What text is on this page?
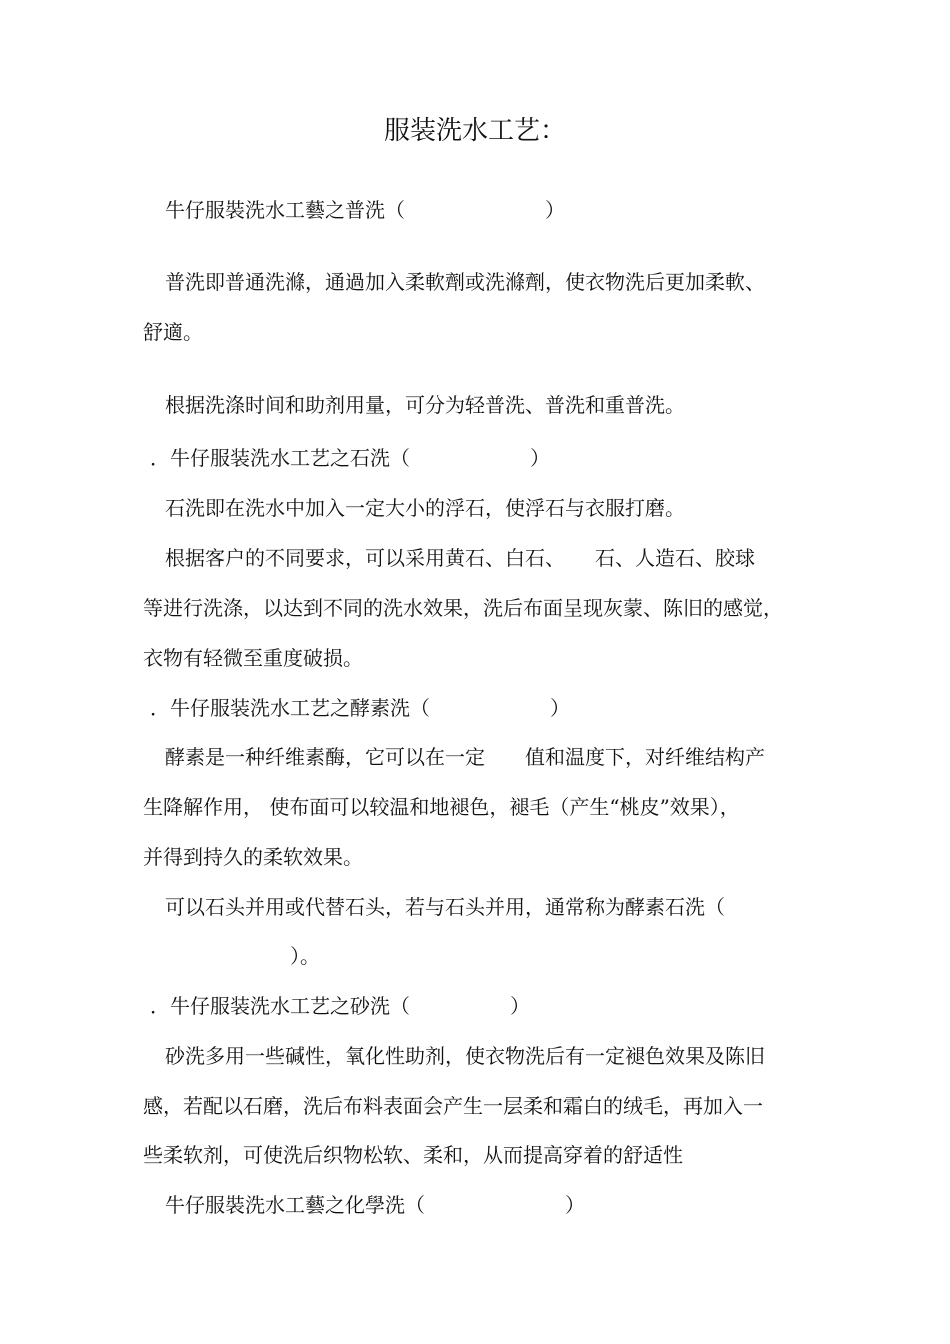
服装洗水工艺：
牛仔服裝洗水工藝之普洗（　　　　　　　）
普洗即普通洗滌，通過加入柔軟劑或洗滌劑，使衣物洗后更加柔軟、
舒適。
根据洗涤时间和助剂用量，可分为轻普洗、普洗和重普洗。
．牛仔服装洗水工艺之石洗（　　　　　　）
石洗即在洗水中加入一定大小的浮石，使浮石与衣服打磨。
根据客户的不同要求，可以采用黄石、白石、　　石、人造石、胶球
等进行洗涤，以达到不同的洗水效果，洗后布面呈现灰蒙、陈旧的感觉，
衣物有轻微至重度破损。
．牛仔服装洗水工艺之酵素洗（　　　　　　）
酵素是一种纤维素酶，它可以在一定　　值和温度下，对纤维结构产
生降解作用， 使布面可以较温和地褪色，褪毛（产生“桃皮”效果），
并得到持久的柔软效果。
可以石头并用或代替石头，若与石头并用，通常称为酵素石洗（
　　　　　　　）。
．牛仔服装洗水工艺之砂洗（　　　　　）
砂洗多用一些碱性，氧化性助剂，使衣物洗后有一定褪色效果及陈旧
感，若配以石磨，洗后布料表面会产生一层柔和霜白的绒毛，再加入一
些柔软剂，可使洗后织物松软、柔和，从而提高穿着的舒适性
牛仔服裝洗水工藝之化學洗（　　　　　　　）
